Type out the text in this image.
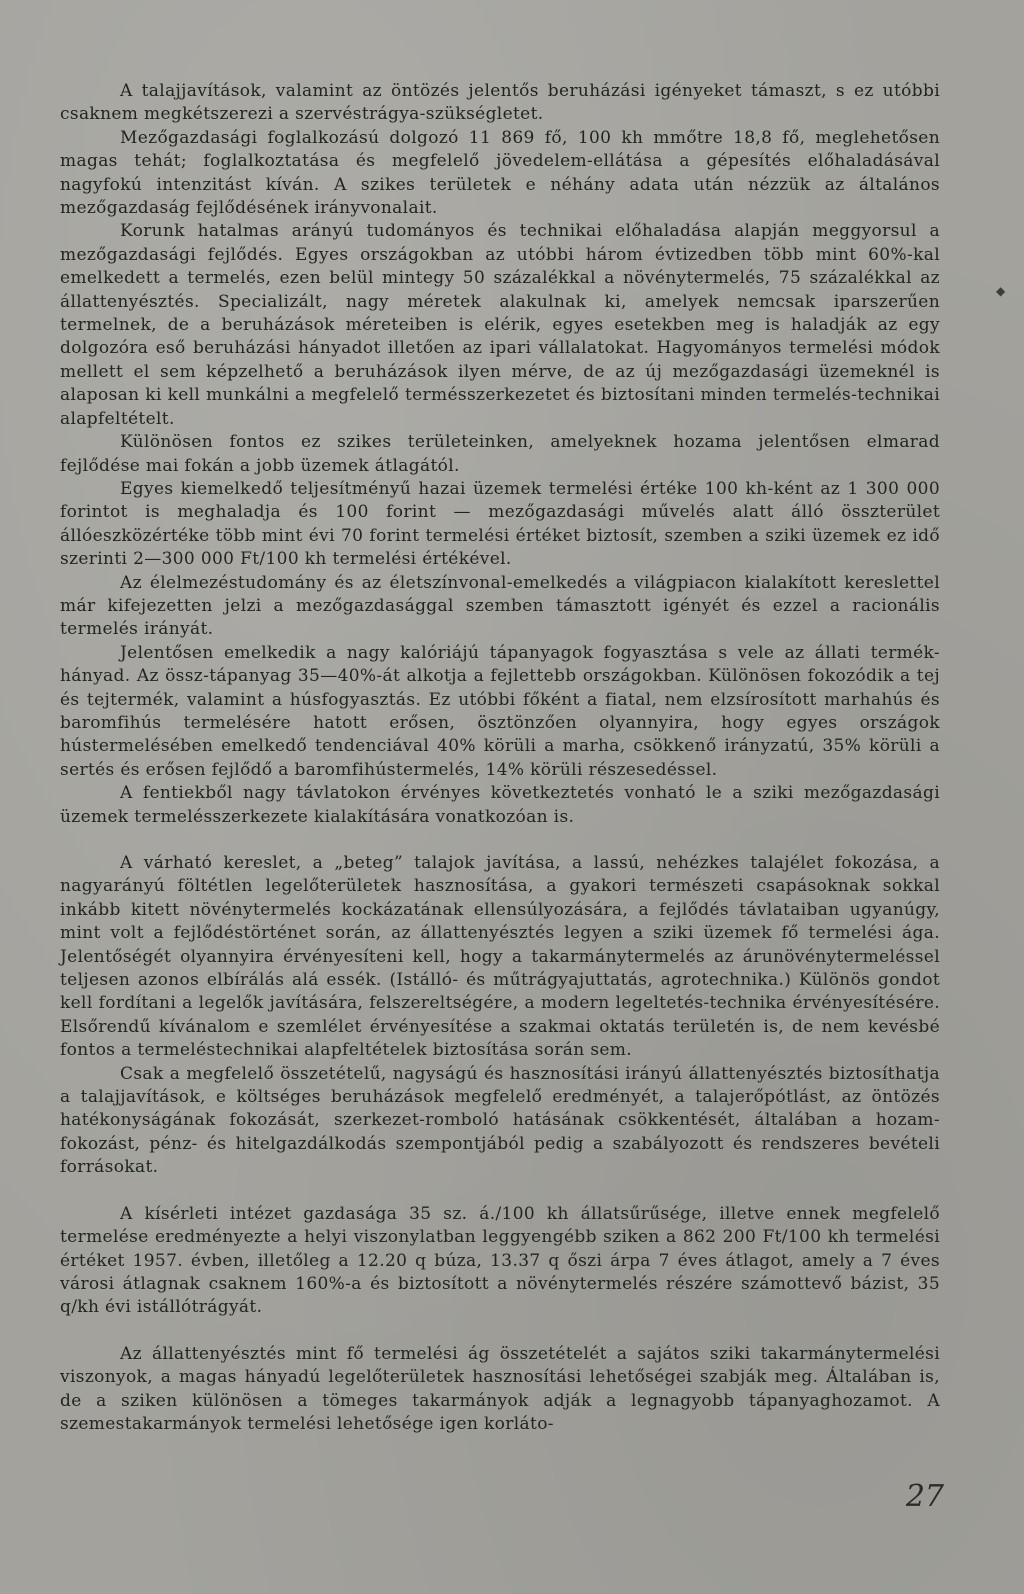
A talajjavítások, valamint az öntözés jelentős beruházási igényeket támaszt, s ez utóbbi csaknem megkétszerezi a szervéstrágya-szükségletet.

Mezőgazdasági foglalkozású dolgozó 11 869 fő, 100 kh mmőtre 18,8 fő, meglehetősen magas tehát; foglalkoztatása és megfelelő jövedelem-ellátása a gépesítés előhaladásával nagyfokú intenzitást kíván. A szikes területek e néhány adata után nézzük az általános mezőgazdaság fejlődésének irányvonalait.

Korunk hatalmas arányú tudományos és technikai előhaladása alapján meggyorsul a mezőgazdasági fejlődés. Egyes országokban az utóbbi három évtizedben több mint 60%-kal emelkedett a termelés, ezen belül mintegy 50 százalékkal a növénytermelés, 75 százalékkal az állattenyésztés. Specializált, nagy méretek alakulnak ki, amelyek nemcsak iparszerűen termelnek, de a beruházások méreteiben is elérik, egyes esetekben meg is haladják az egy dolgozóra eső beruházási hányadot illetően az ipari vállalatokat. Hagyományos termelési módok mellett el sem képzelhető a beruházások ilyen mérve, de az új mezőgazdasági üzemeknél is alaposan ki kell munkálni a megfelelő termésszerkezetet és biztosítani minden termelés-technikai alapfeltételt.

Különösen fontos ez szikes területeinken, amelyeknek hozama jelentősen elmarad fejlődése mai fokán a jobb üzemek átlagától.

Egyes kiemelkedő teljesítményű hazai üzemek termelési értéke 100 kh-ként az 1 300 000 forintot is meghaladja és 100 forint — mezőgazdasági művelés alatt álló összterület állóeszközértéke több mint évi 70 forint termelési értéket biztosít, szemben a sziki üzemek ez idő szerinti 2—300 000 Ft/100 kh termelési értékével.

Az élelmezéstudomány és az életszínvonal-emelkedés a világpiacon kialakított kereslettel már kifejezetten jelzi a mezőgazdasággal szemben támasztott igényét és ezzel a racionális termelés irányát.

Jelentősen emelkedik a nagy kalóriájú tápanyagok fogyasztása s vele az állati termék-hányad. Az össz-tápanyag 35—40%-át alkotja a fejlettebb országokban. Különösen fokozódik a tej és tejtermék, valamint a húsfogyasztás. Ez utóbbi főként a fiatal, nem elzsírosított marhahús és baromfihús termelésére hatott erősen, ösztönzően olyannyira, hogy egyes országok hústermelésében emelkedő tendenciával 40% körüli a marha, csökkenő irányzatú, 35% körüli a sertés és erősen fejlődő a baromfihústermelés, 14% körüli részesedéssel.

A fentiekből nagy távlatokon érvényes következtetés vonható le a sziki mezőgazdasági üzemek termelésszerkezete kialakítására vonatkozóan is.

A várható kereslet, a „beteg” talajok javítása, a lassú, nehézkes talajélet fokozása, a nagyarányú föltétlen legelőterületek hasznosítása, a gyakori természeti csapásoknak sokkal inkább kitett növénytermelés kockázatának ellensúlyozására, a fejlődés távlataiban ugyanúgy, mint volt a fejlődéstörténet során, az állattenyésztés legyen a sziki üzemek fő termelési ága. Jelentőségét olyannyira érvényesíteni kell, hogy a takarmánytermelés az árunövénytermeléssel teljesen azonos elbírálás alá essék. (Istálló- és műtrágyajuttatás, agrotechnika.) Különös gondot kell fordítani a legelők javítására, felszereltségére, a modern legeltetés-technika érvényesítésére. Elsőrendű kívánalom e szemlélet érvényesítése a szakmai oktatás területén is, de nem kevésbé fontos a termeléstechnikai alapfeltételek biztosítása során sem.

Csak a megfelelő összetételű, nagyságú és hasznosítási irányú állattenyésztés biztosíthatja a talajjavítások, e költséges beruházások megfelelő eredményét, a talajerőpótlást, az öntözés hatékonyságának fokozását, szerkezet-romboló hatásának csökkentését, általában a hozam-fokozást, pénz- és hitelgazdálkodás szempontjából pedig a szabályozott és rendszeres bevételi forrásokat.

A kísérleti intézet gazdasága 35 sz. á./100 kh állatsűrűsége, illetve ennek megfelelő termelése eredményezte a helyi viszonylatban leggyengébb sziken a 862 200 Ft/100 kh termelési értéket 1957. évben, illetőleg a 12.20 q búza, 13.37 q őszi árpa 7 éves átlagot, amely a 7 éves városi átlagnak csaknem 160%-a és biztosított a növénytermelés részére számottevő bázist, 35 q/kh évi istállótrágyát.

Az állattenyésztés mint fő termelési ág összetételét a sajátos sziki takarmánytermelési viszonyok, a magas hányadú legelőterületek hasznosítási lehetőségei szabják meg. Általában is, de a sziken különösen a tömeges takarmányok adják a legnagyobb tápanyaghozamot. A szemestakarmányok termelési lehetősége igen korláto-

◆
27
